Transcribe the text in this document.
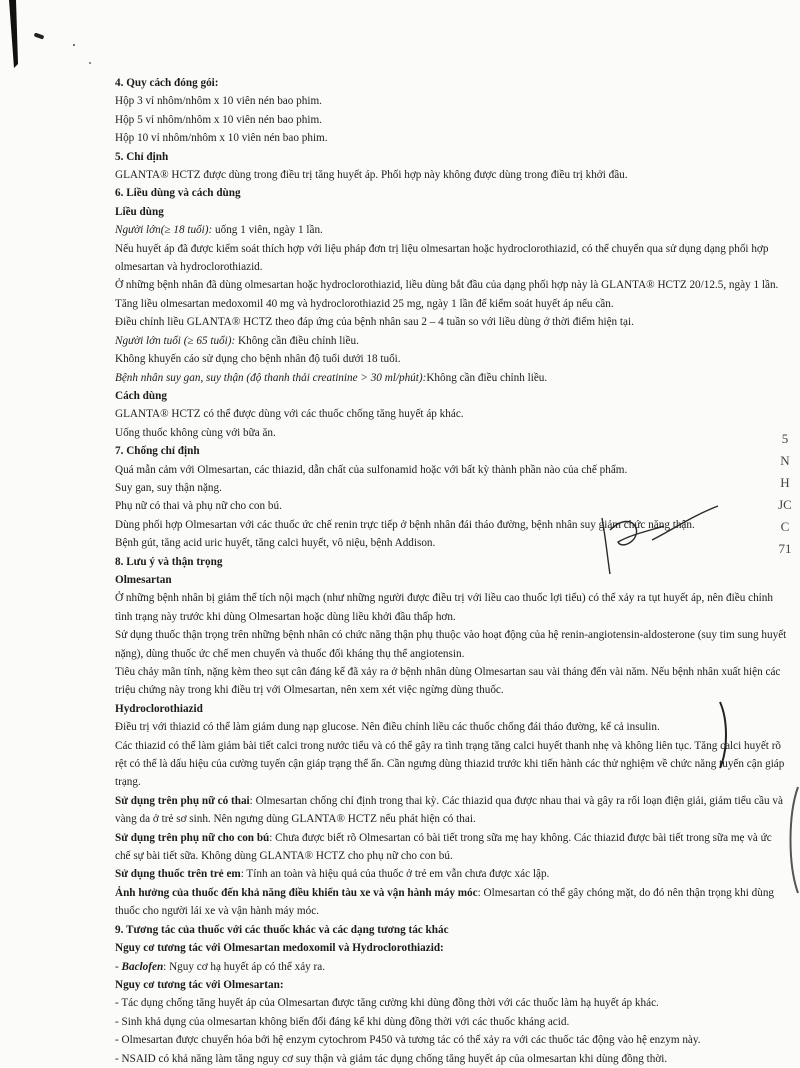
5
N
H
JC
C
71

4. Quy cách đóng gói:

Hộp 3 vỉ nhôm/nhôm x 10 viên nén bao phim.

Hộp 5 vỉ nhôm/nhôm x 10 viên nén bao phim.

Hộp 10 vỉ nhôm/nhôm x 10 viên nén bao phim.

5. Chỉ định

GLANTA® HCTZ được dùng trong điều trị tăng huyết áp. Phối hợp này không được dùng trong điều trị khởi đầu.

6. Liều dùng và cách dùng

Liều dùng

Người lớn(≥ 18 tuổi): uống 1 viên, ngày 1 lần.

Nếu huyết áp đã được kiểm soát thích hợp với liệu pháp đơn trị liệu olmesartan hoặc hydroclorothiazid, có thể chuyển qua sử dụng dạng phối hợp olmesartan và hydroclorothiazid.

Ở những bệnh nhân đã dùng olmesartan hoặc hydroclorothiazid, liều dùng bắt đầu của dạng phối hợp này là GLANTA® HCTZ 20/12.5, ngày 1 lần.

Tăng liều olmesartan medoxomil 40 mg và hydroclorothiazid 25 mg, ngày 1 lần để kiểm soát huyết áp nếu cần.

Điều chỉnh liều GLANTA® HCTZ theo đáp ứng của bệnh nhân sau 2 – 4 tuần so với liều dùng ở thời điểm hiện tại.

Người lớn tuổi (≥ 65 tuổi): Không cần điều chỉnh liều.

Không khuyến cáo sử dụng cho bệnh nhân độ tuổi dưới 18 tuổi.

Bệnh nhân suy gan, suy thận (độ thanh thải creatinine > 30 ml/phút):Không cần điều chỉnh liều.

Cách dùng

GLANTA® HCTZ có thể được dùng với các thuốc chống tăng huyết áp khác.

Uống thuốc không cùng với bữa ăn.

7. Chống chỉ định

Quá mẫn cảm với Olmesartan, các thiazid, dẫn chất của sulfonamid hoặc với bất kỳ thành phần nào của chế phẩm.

Suy gan, suy thận nặng.

Phụ nữ có thai và phụ nữ cho con bú.

Dùng phối hợp Olmesartan với các thuốc ức chế renin trực tiếp ở bệnh nhân đái tháo đường, bệnh nhân suy giảm chức năng thận.

Bệnh gút, tăng acid uric huyết, tăng calci huyết, vô niệu, bệnh Addison.

8. Lưu ý và thận trọng

Olmesartan

Ở những bệnh nhân bị giảm thể tích nội mạch (như những người được điều trị với liều cao thuốc lợi tiểu) có thể xảy ra tụt huyết áp, nên điều chỉnh tình trạng này trước khi dùng Olmesartan hoặc dùng liều khởi đầu thấp hơn.

Sử dụng thuốc thận trọng trên những bệnh nhân có chức năng thận phụ thuộc vào hoạt động của hệ renin-angiotensin-aldosterone (suy tim sung huyết nặng), dùng thuốc ức chế men chuyển và thuốc đối kháng thụ thể angiotensin.

Tiêu chảy mãn tính, nặng kèm theo sụt cân đáng kể đã xảy ra ở bệnh nhân dùng Olmesartan sau vài tháng đến vài năm. Nếu bệnh nhân xuất hiện các triệu chứng này trong khi điều trị với Olmesartan, nên xem xét việc ngừng dùng thuốc.

Hydroclorothiazid

Điều trị với thiazid có thể làm giảm dung nạp glucose. Nên điều chỉnh liều các thuốc chống đái tháo đường, kể cả insulin.

Các thiazid có thể làm giảm bài tiết calci trong nước tiểu và có thể gây ra tình trạng tăng calci huyết thanh nhẹ và không liên tục. Tăng calci huyết rõ rệt có thể là dấu hiệu của cường tuyến cận giáp trạng thể ẩn. Cần ngưng dùng thiazid trước khi tiến hành các thử nghiệm về chức năng tuyến cận giáp trạng.

Sử dụng trên phụ nữ có thai: Olmesartan chống chỉ định trong thai kỳ. Các thiazid qua được nhau thai và gây ra rối loạn điện giải, giảm tiểu cầu và vàng da ở trẻ sơ sinh. Nên ngưng dùng GLANTA® HCTZ nếu phát hiện có thai.

Sử dụng trên phụ nữ cho con bú: Chưa được biết rõ Olmesartan có bài tiết trong sữa mẹ hay không. Các thiazid được bài tiết trong sữa mẹ và ức chế sự bài tiết sữa. Không dùng GLANTA® HCTZ cho phụ nữ cho con bú.

Sử dụng thuốc trên trẻ em: Tính an toàn và hiệu quả của thuốc ở trẻ em vẫn chưa được xác lập.

Ảnh hưởng của thuốc đến khả năng điều khiển tàu xe và vận hành máy móc: Olmesartan có thể gây chóng mặt, do đó nên thận trọng khi dùng thuốc cho người lái xe và vận hành máy móc.

9. Tương tác của thuốc với các thuốc khác và các dạng tương tác khác

Nguy cơ tương tác với Olmesartan medoxomil và Hydroclorothiazid:

- Baclofen: Nguy cơ hạ huyết áp có thể xảy ra.

Nguy cơ tương tác với Olmesartan:

- Tác dụng chống tăng huyết áp của Olmesartan được tăng cường khi dùng đồng thời với các thuốc làm hạ huyết áp khác.

- Sinh khả dụng của olmesartan không biến đổi đáng kể khi dùng đồng thời với các thuốc kháng acid.

- Olmesartan được chuyển hóa bởi hệ enzym cytochrom P450 và tương tác có thể xảy ra với các thuốc tác động vào hệ enzym này.

- NSAID có khả năng làm tăng nguy cơ suy thận và giảm tác dụng chống tăng huyết áp của olmesartan khi dùng đồng thời.
